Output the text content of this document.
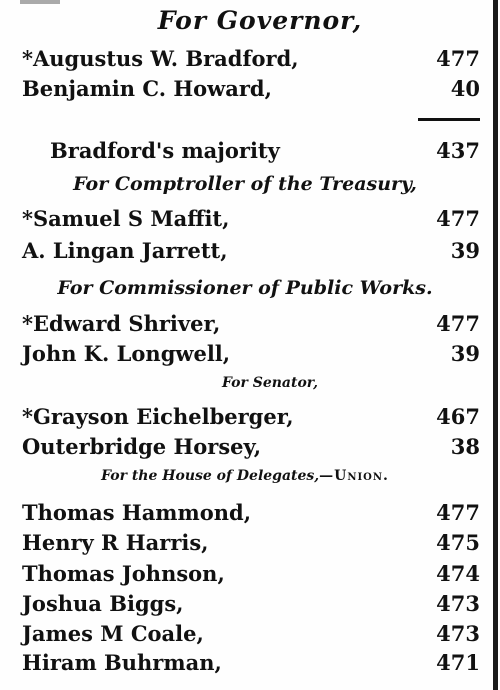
For Governor,
*Augustus W. Bradford,	477
Benjamin C. Howard,	40
Bradford's majority	437
For Comptroller of the Treasury,
*Samuel S Maffit,	477
A. Lingan Jarrett,	39
For Commissioner of Public Works.
*Edward Shriver,	477
John K. Longwell,	39
For Senator,
*Grayson Eichelberger,	467
Outerbridge Horsey,	38
For the House of Delegates,—Union.
Thomas Hammond,	477
Henry R Harris,	475
Thomas Johnson,	474
Joshua Biggs,	473
James M Coale,	473
Hiram Buhrman,	471
